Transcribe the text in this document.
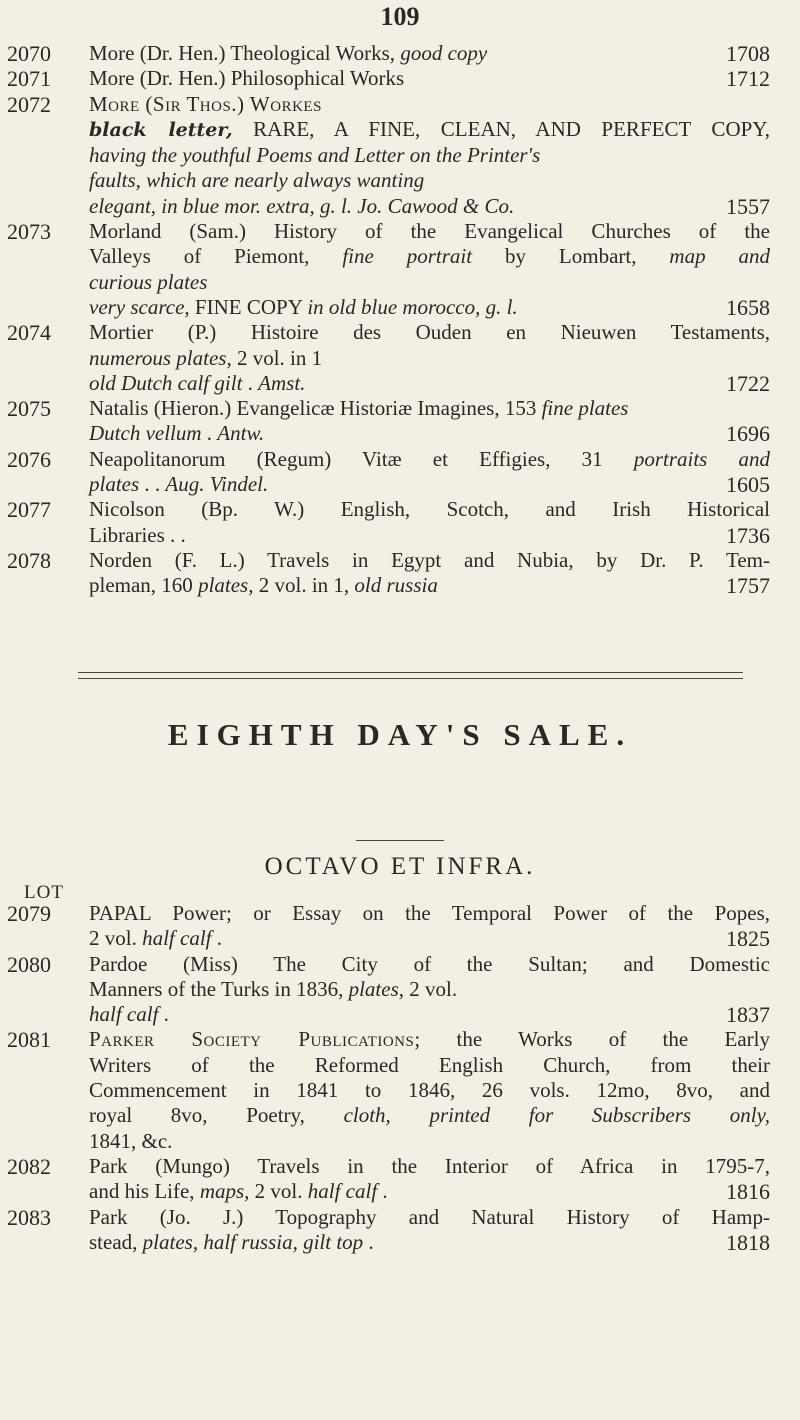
109
2070	More (Dr. Hen.) Theological Works, good copy	1708
2071	More (Dr. Hen.) Philosophical Works	1712
2072	More (Sir Thos.) Workes
black letter, RARE, A FINE, CLEAN, AND PERFECT COPY,
having the youthful Poems and Letter on the Printer's
faults, which are nearly always wanting
elegant, in blue mor. extra, g. l. Jo. Cawood & Co.	1557
2073	Morland (Sam.) History of the Evangelical Churches of the
Valleys of Piemont, fine portrait by Lombart, map and
curious plates
very scarce, FINE COPY in old blue morocco, g. l.	1658
2074	Mortier (P.) Histoire des Ouden en Nieuwen Testaments,
numerous plates, 2 vol. in 1
old Dutch calf gilt . Amst.	1722
2075	Natalis (Hieron.) Evangelicæ Historiæ Imagines, 153 fine plates
Dutch vellum . Antw.	1696
2076	Neapolitanorum (Regum) Vitæ et Effigies, 31 portraits and
plates . . Aug. Vindel.	1605
2077	Nicolson (Bp. W.) English, Scotch, and Irish Historical
Libraries . .	1736
2078	Norden (F. L.) Travels in Egypt and Nubia, by Dr. P. Tem-
pleman, 160 plates, 2 vol. in 1, old russia	1757
EIGHTH DAY'S SALE.
OCTAVO ET INFRA.
LOT
2079	PAPAL Power; or Essay on the Temporal Power of the Popes,
2 vol. half calf .	1825
2080	Pardoe (Miss) The City of the Sultan; and Domestic
Manners of the Turks in 1836, plates, 2 vol.
half calf .	1837
2081	Parker Society Publications; the Works of the Early
Writers of the Reformed English Church, from their
Commencement in 1841 to 1846, 26 vols. 12mo, 8vo, and
royal 8vo, Poetry, cloth, printed for Subscribers only,
1841, &c.
2082	Park (Mungo) Travels in the Interior of Africa in 1795-7,
and his Life, maps, 2 vol. half calf .	1816
2083	Park (Jo. J.) Topography and Natural History of Hamp-
stead, plates, half russia, gilt top .	1818
